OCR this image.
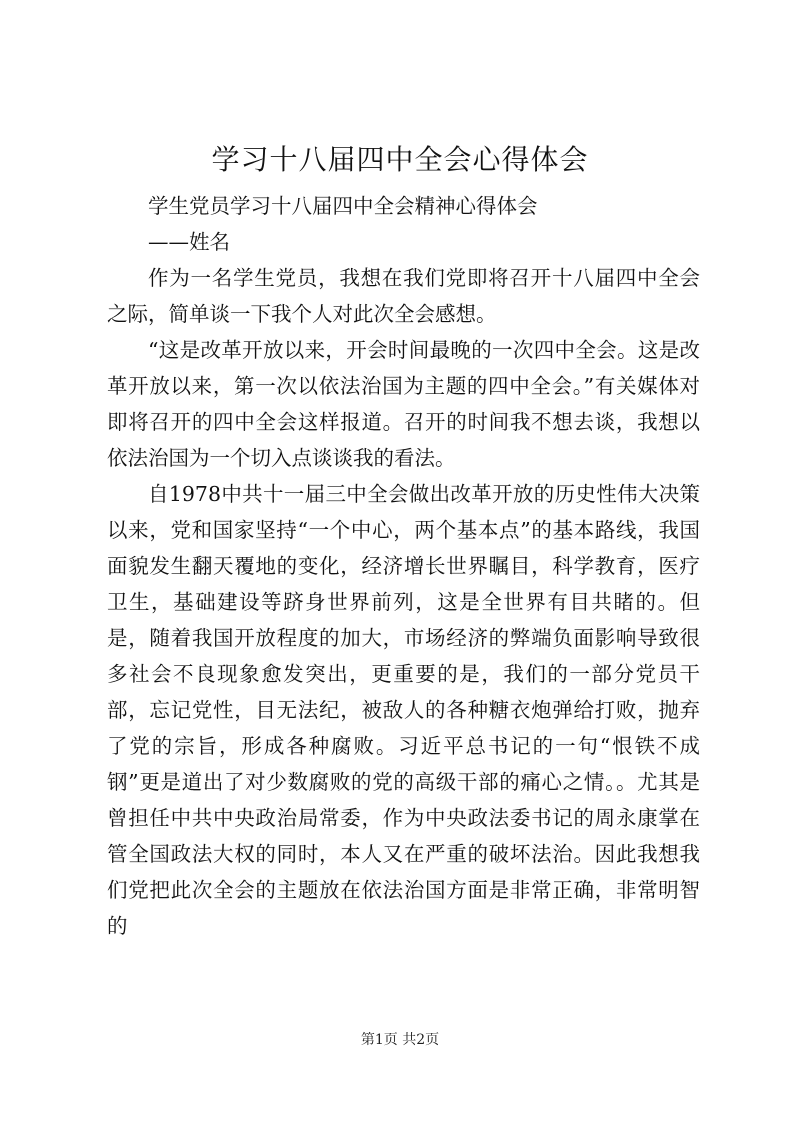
学习十八届四中全会心得体会

学生党员学习十八届四中全会精神心得体会

——姓名

作为一名学生党员，我想在我们党即将召开十八届四中全会之际，简单谈一下我个人对此次全会感想。

“这是改革开放以来，开会时间最晚的一次四中全会。这是改革开放以来，第一次以依法治国为主题的四中全会。”有关媒体对即将召开的四中全会这样报道。召开的时间我不想去谈，我想以依法治国为一个切入点谈谈我的看法。

自1978中共十一届三中全会做出改革开放的历史性伟大决策以来，党和国家坚持“一个中心，两个基本点”的基本路线，我国面貌发生翻天覆地的变化，经济增长世界瞩目，科学教育，医疗卫生，基础建设等跻身世界前列，这是全世界有目共睹的。但是，随着我国开放程度的加大，市场经济的弊端负面影响导致很多社会不良现象愈发突出，更重要的是，我们的一部分党员干部，忘记党性，目无法纪，被敌人的各种糖衣炮弹给打败，抛弃了党的宗旨，形成各种腐败。习近平总书记的一句“恨铁不成钢”更是道出了对少数腐败的党的高级干部的痛心之情。。尤其是曾担任中共中央政治局常委，作为中央政法委书记的周永康掌在管全国政法大权的同时，本人又在严重的破坏法治。因此我想我们党把此次全会的主题放在依法治国方面是非常正确，非常明智的

第1页 共2页
